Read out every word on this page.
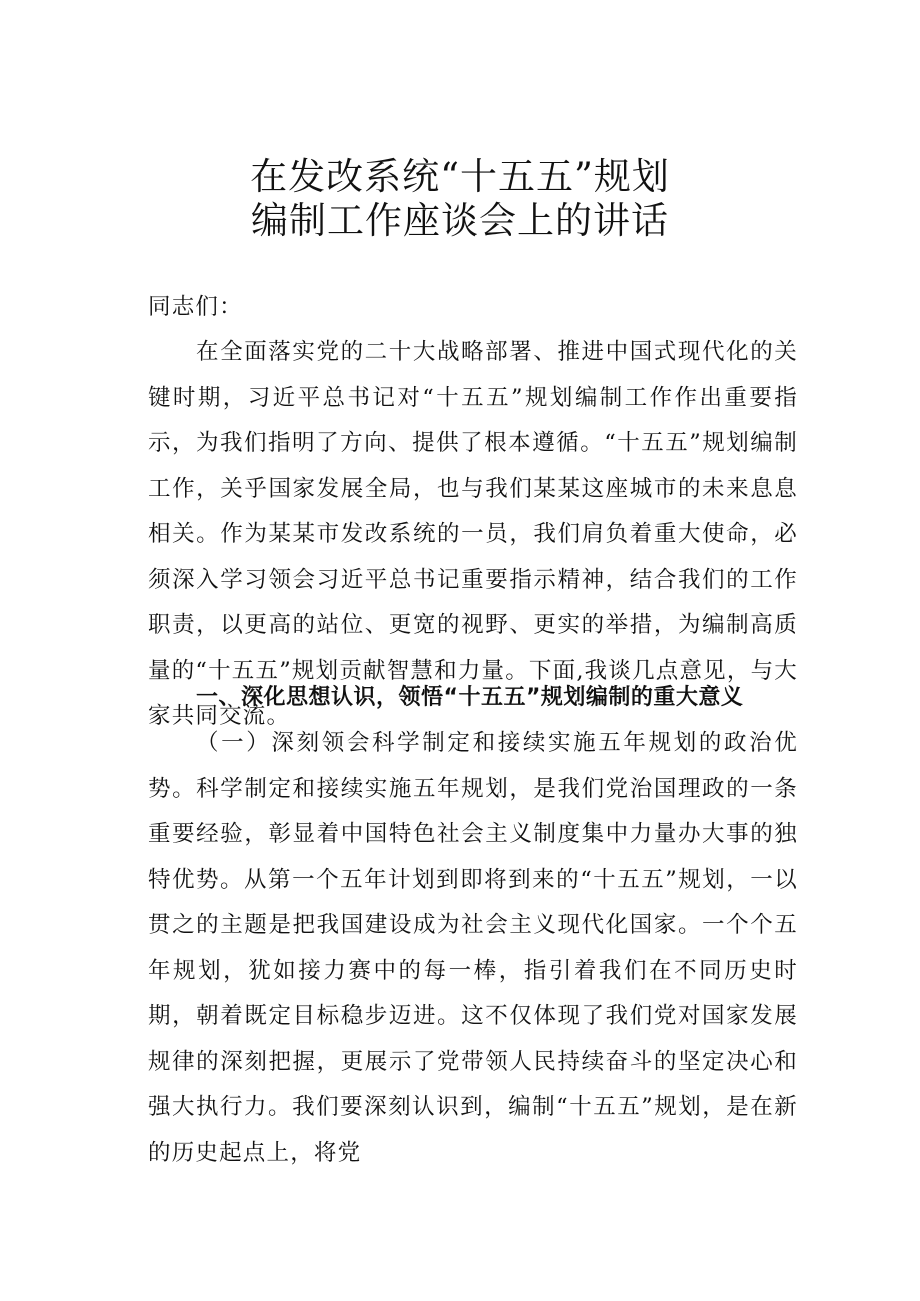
在发改系统“十五五”规划
编制工作座谈会上的讲话

同志们：

在全面落实党的二十大战略部署、推进中国式现代化的关键时期，习近平总书记对“十五五”规划编制工作作出重要指示，为我们指明了方向、提供了根本遵循。“十五五”规划编制工作，关乎国家发展全局，也与我们某某这座城市的未来息息相关。作为某某市发改系统的一员，我们肩负着重大使命，必须深入学习领会习近平总书记重要指示精神，结合我们的工作职责，以更高的站位、更宽的视野、更实的举措，为编制高质量的“十五五”规划贡献智慧和力量。下面,我谈几点意见，与大家共同交流。

一、深化思想认识，领悟“十五五”规划编制的重大意义

（一）深刻领会科学制定和接续实施五年规划的政治优势。科学制定和接续实施五年规划，是我们党治国理政的一条重要经验，彰显着中国特色社会主义制度集中力量办大事的独特优势。从第一个五年计划到即将到来的“十五五”规划，一以贯之的主题是把我国建设成为社会主义现代化国家。一个个五年规划，犹如接力赛中的每一棒，指引着我们在不同历史时期，朝着既定目标稳步迈进。这不仅体现了我们党对国家发展规律的深刻把握，更展示了党带领人民持续奋斗的坚定决心和强大执行力。我们要深刻认识到，编制“十五五”规划，是在新的历史起点上，将党
